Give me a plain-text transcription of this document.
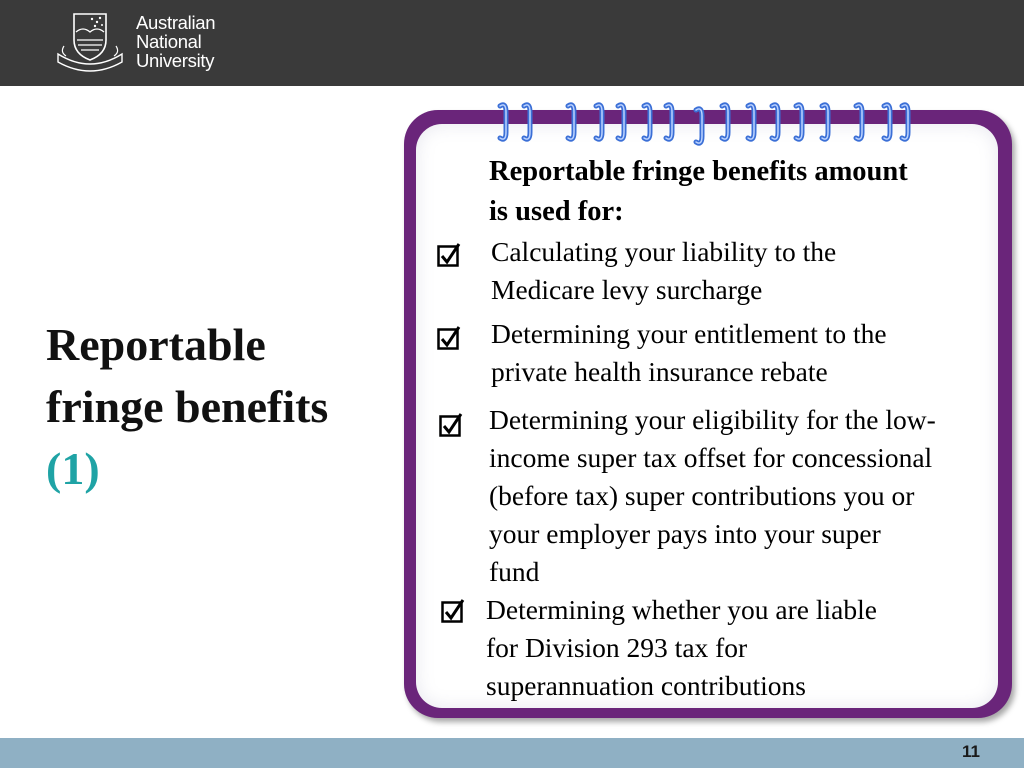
Australian
National
University
Reportable
fringe benefits
(1)
Reportable fringe benefits amount
is used for:
Calculating your liability to the
Medicare levy surcharge
Determining your entitlement to the
private health insurance rebate
Determining your eligibility for the low-
income super tax offset for concessional
(before tax) super contributions you or
your employer pays into your super
fund
Determining whether you are liable
for Division 293 tax for
superannuation contributions
11
